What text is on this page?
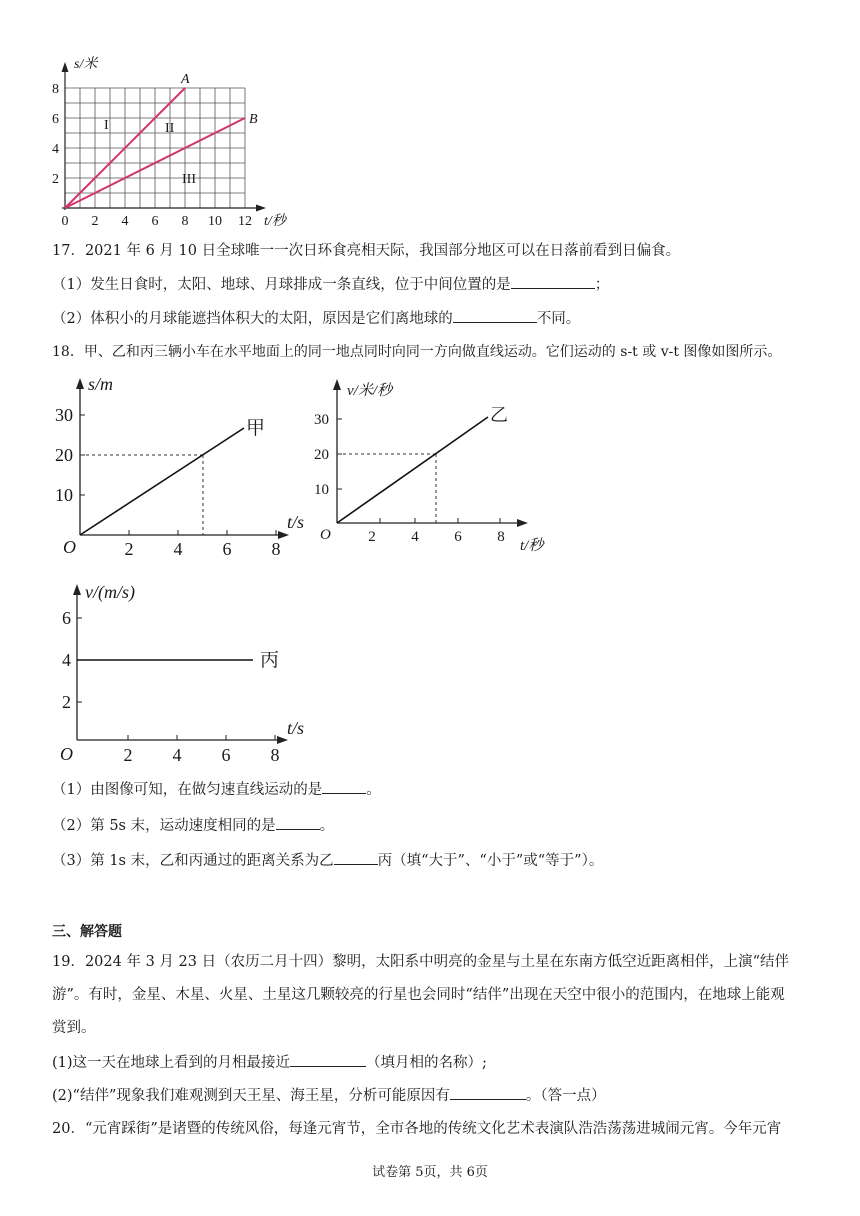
s/米
t/秒
8
6
4
2
0 2 4 6 8 10 12
A
B
I	II
III
17．2021 年 6 月 10 日全球唯一一次日环食亮相天际，我国部分地区可以在日落前看到日偏食。
（1）发生日食时，太阳、地球、月球排成一条直线，位于中间位置的是	；
（2）体积小的月球能遮挡体积大的太阳，原因是它们离地球的	不同。
18．甲、乙和丙三辆小车在水平地面上的同一地点同时向同一方向做直线运动。它们运动的 s-t 或 v-t 图像如图所示。
s/m
t/s
O
30
20
10
2 4 6 8
甲
v/米/秒
t/秒
O
30
20
10
2 4 6 8
乙
v/(m/s)
t/s
O
6
4
2
2 4 6 8
丙
（1）由图像可知，在做匀速直线运动的是	。
（2）第 5s 末，运动速度相同的是	。
（3）第 1s 末，乙和丙通过的距离关系为乙	丙（填“大于”、“小于”或“等于”）。
三、解答题
19．2024 年 3 月 23 日（农历二月十四）黎明，太阳系中明亮的金星与土星在东南方低空近距离相伴，上演“结伴
游”。有时，金星、木星、火星、土星这几颗较亮的行星也会同时“结伴”出现在天空中很小的范围内，在地球上能观
赏到。
(1)这一天在地球上看到的月相最接近	（填月相的名称）;
(2)“结伴”现象我们难观测到天王星、海王星，分析可能原因有	。（答一点）
20．“元宵踩街”是诸暨的传统风俗，每逢元宵节，全市各地的传统文化艺术表演队浩浩荡荡进城闹元宵。今年元宵
试卷第 5页，共 6页
